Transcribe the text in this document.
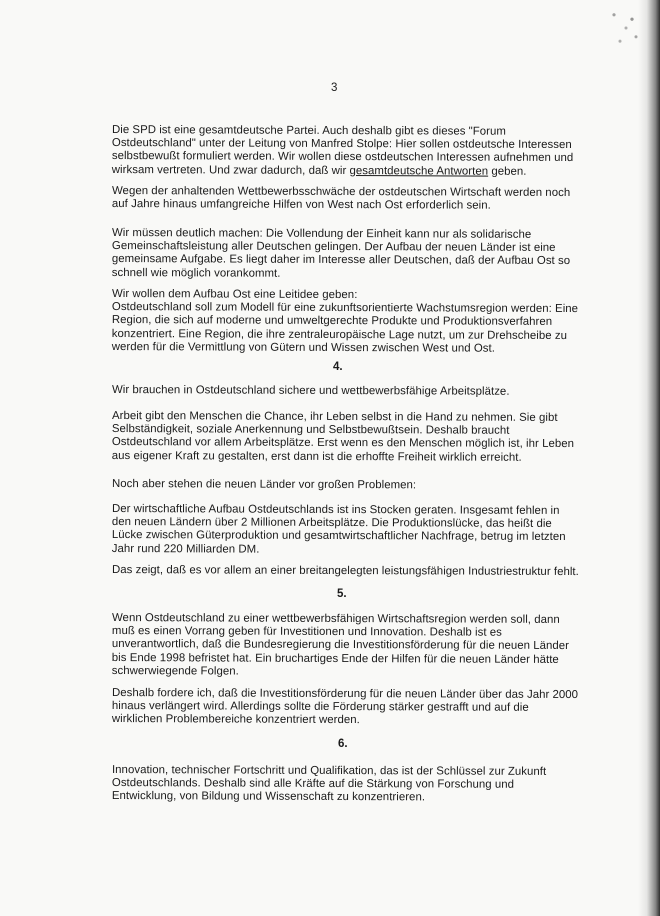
3
Die SPD ist eine gesamtdeutsche Partei. Auch deshalb gibt es dieses "Forum
Ostdeutschland" unter der Leitung von Manfred Stolpe: Hier sollen ostdeutsche Interessen
selbstbewußt formuliert werden. Wir wollen diese ostdeutschen Interessen aufnehmen und
wirksam vertreten. Und zwar dadurch, daß wir gesamtdeutsche Antworten geben.
Wegen der anhaltenden Wettbewerbsschwäche der ostdeutschen Wirtschaft werden noch
auf Jahre hinaus umfangreiche Hilfen von West nach Ost erforderlich sein.
Wir müssen deutlich machen: Die Vollendung der Einheit kann nur als solidarische
Gemeinschaftsleistung aller Deutschen gelingen. Der Aufbau der neuen Länder ist eine
gemeinsame Aufgabe. Es liegt daher im Interesse aller Deutschen, daß der Aufbau Ost so
schnell wie möglich vorankommt.
Wir wollen dem Aufbau Ost eine Leitidee geben:
Ostdeutschland soll zum Modell für eine zukunftsorientierte Wachstumsregion werden: Eine
Region, die sich auf moderne und umweltgerechte Produkte und Produktionsverfahren
konzentriert. Eine Region, die ihre zentraleuropäische Lage nutzt, um zur Drehscheibe zu
werden für die Vermittlung von Gütern und Wissen zwischen West und Ost.
4.
Wir brauchen in Ostdeutschland sichere und wettbewerbsfähige Arbeitsplätze.
Arbeit gibt den Menschen die Chance, ihr Leben selbst in die Hand zu nehmen. Sie gibt
Selbständigkeit, soziale Anerkennung und Selbstbewußtsein. Deshalb braucht
Ostdeutschland vor allem Arbeitsplätze. Erst wenn es den Menschen möglich ist, ihr Leben
aus eigener Kraft zu gestalten, erst dann ist die erhoffte Freiheit wirklich erreicht.
Noch aber stehen die neuen Länder vor großen Problemen:
Der wirtschaftliche Aufbau Ostdeutschlands ist ins Stocken geraten. Insgesamt fehlen in
den neuen Ländern über 2 Millionen Arbeitsplätze. Die Produktionslücke, das heißt die
Lücke zwischen Güterproduktion und gesamtwirtschaftlicher Nachfrage, betrug im letzten
Jahr rund 220 Milliarden DM.
Das zeigt, daß es vor allem an einer breitangelegten leistungsfähigen Industriestruktur fehlt.
5.
Wenn Ostdeutschland zu einer wettbewerbsfähigen Wirtschaftsregion werden soll, dann
muß es einen Vorrang geben für Investitionen und Innovation. Deshalb ist es
unverantwortlich, daß die Bundesregierung die Investitionsförderung für die neuen Länder
bis Ende 1998 befristet hat. Ein bruchartiges Ende der Hilfen für die neuen Länder hätte
schwerwiegende Folgen.
Deshalb fordere ich, daß die Investitionsförderung für die neuen Länder über das Jahr 2000
hinaus verlängert wird. Allerdings sollte die Förderung stärker gestrafft und auf die
wirklichen Problembereiche konzentriert werden.
6.
Innovation, technischer Fortschritt und Qualifikation, das ist der Schlüssel zur Zukunft
Ostdeutschlands. Deshalb sind alle Kräfte auf die Stärkung von Forschung und
Entwicklung, von Bildung und Wissenschaft zu konzentrieren.
